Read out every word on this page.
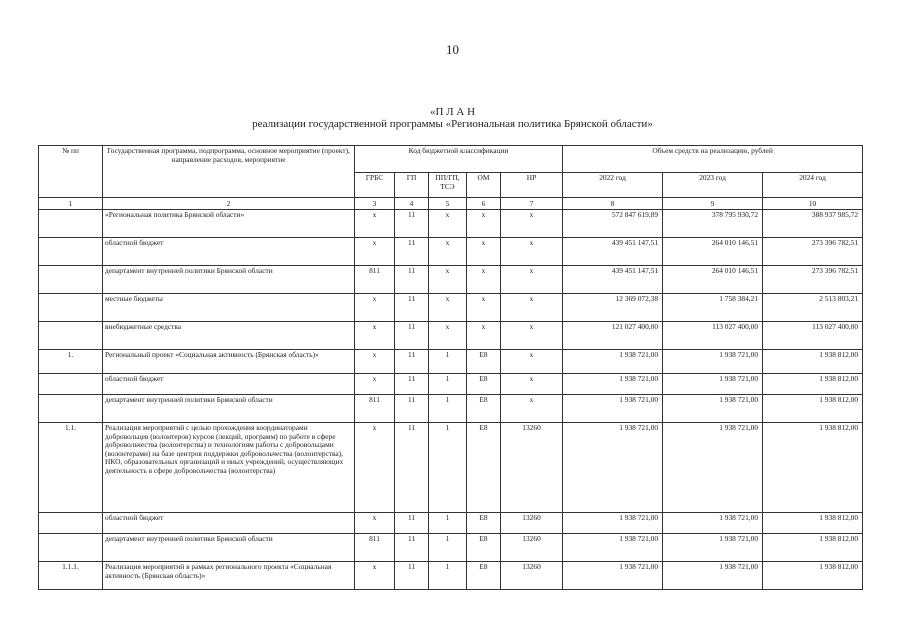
10
«П Л А Н
реализации государственной программы «Региональная политика Брянской области»
№ пп	Государственная программа, подпрограмма, основное мероприятие (проект), направление расходов, мероприятие	Код бюджетной классификации					Объем средств на реализацию, рублей		
		ГРБС	ГП	ПП/ГП, ТСЭ	ОМ	НР	2022 год	2023 год	2024 год
1	2	3	4	5	6	7	8	9	10
	«Региональная политика Брянской области»	x	11	x	x	x	572 847 619,89	378 795 930,72	388 937 985,72
	областной бюджет	x	11	x	x	x	439 451 147,51	264 010 146,51	273 396 782,51
	департамент внутренней политики Брянской области	811	11	x	x	x	439 451 147,51	264 010 146,51	273 396 782,51
	местные бюджеты	x	11	x	x	x	12 369 072,38	1 758 384,21	2 513 803,21
	внебюджетные средства	x	11	x	x	x	121 027 400,00	113 027 400,00	113 027 400,00
1.	Региональный проект «Социальная активность (Брянская область)»	x	11	1	E8	x	1 938 721,00	1 938 721,00	1 938 812,00
	областной бюджет	x	11	1	E8	x	1 938 721,00	1 938 721,00	1 938 812,00
	департамент внутренней политики Брянской области	811	11	1	E8	x	1 938 721,00	1 938 721,00	1 938 812,00
1.1.	Реализация мероприятий с целью прохождения координаторами добровольцев (волонтеров) курсов (лекций, программ) по работе в сфере добровольчества (волонтерства) и технологиям работы с добровольцами (волонтерами) на базе центров поддержки добровольчества (волонтерства), НКО, образовательных организаций и иных учреждений, осуществляющих деятельность в сфере добровольчества (волонтерства)	x	11	1	E8	13260	1 938 721,00	1 938 721,00	1 938 812,00
	областной бюджет	x	11	1	E8	13260	1 938 721,00	1 938 721,00	1 938 812,00
	департамент внутренней политики Брянской области	811	11	1	E8	13260	1 938 721,00	1 938 721,00	1 938 812,00
1.1.1.	Реализация мероприятий в рамках регионального проекта «Социальная активность (Брянская область)»	x	11	1	E8	13260	1 938 721,00	1 938 721,00	1 938 812,00
